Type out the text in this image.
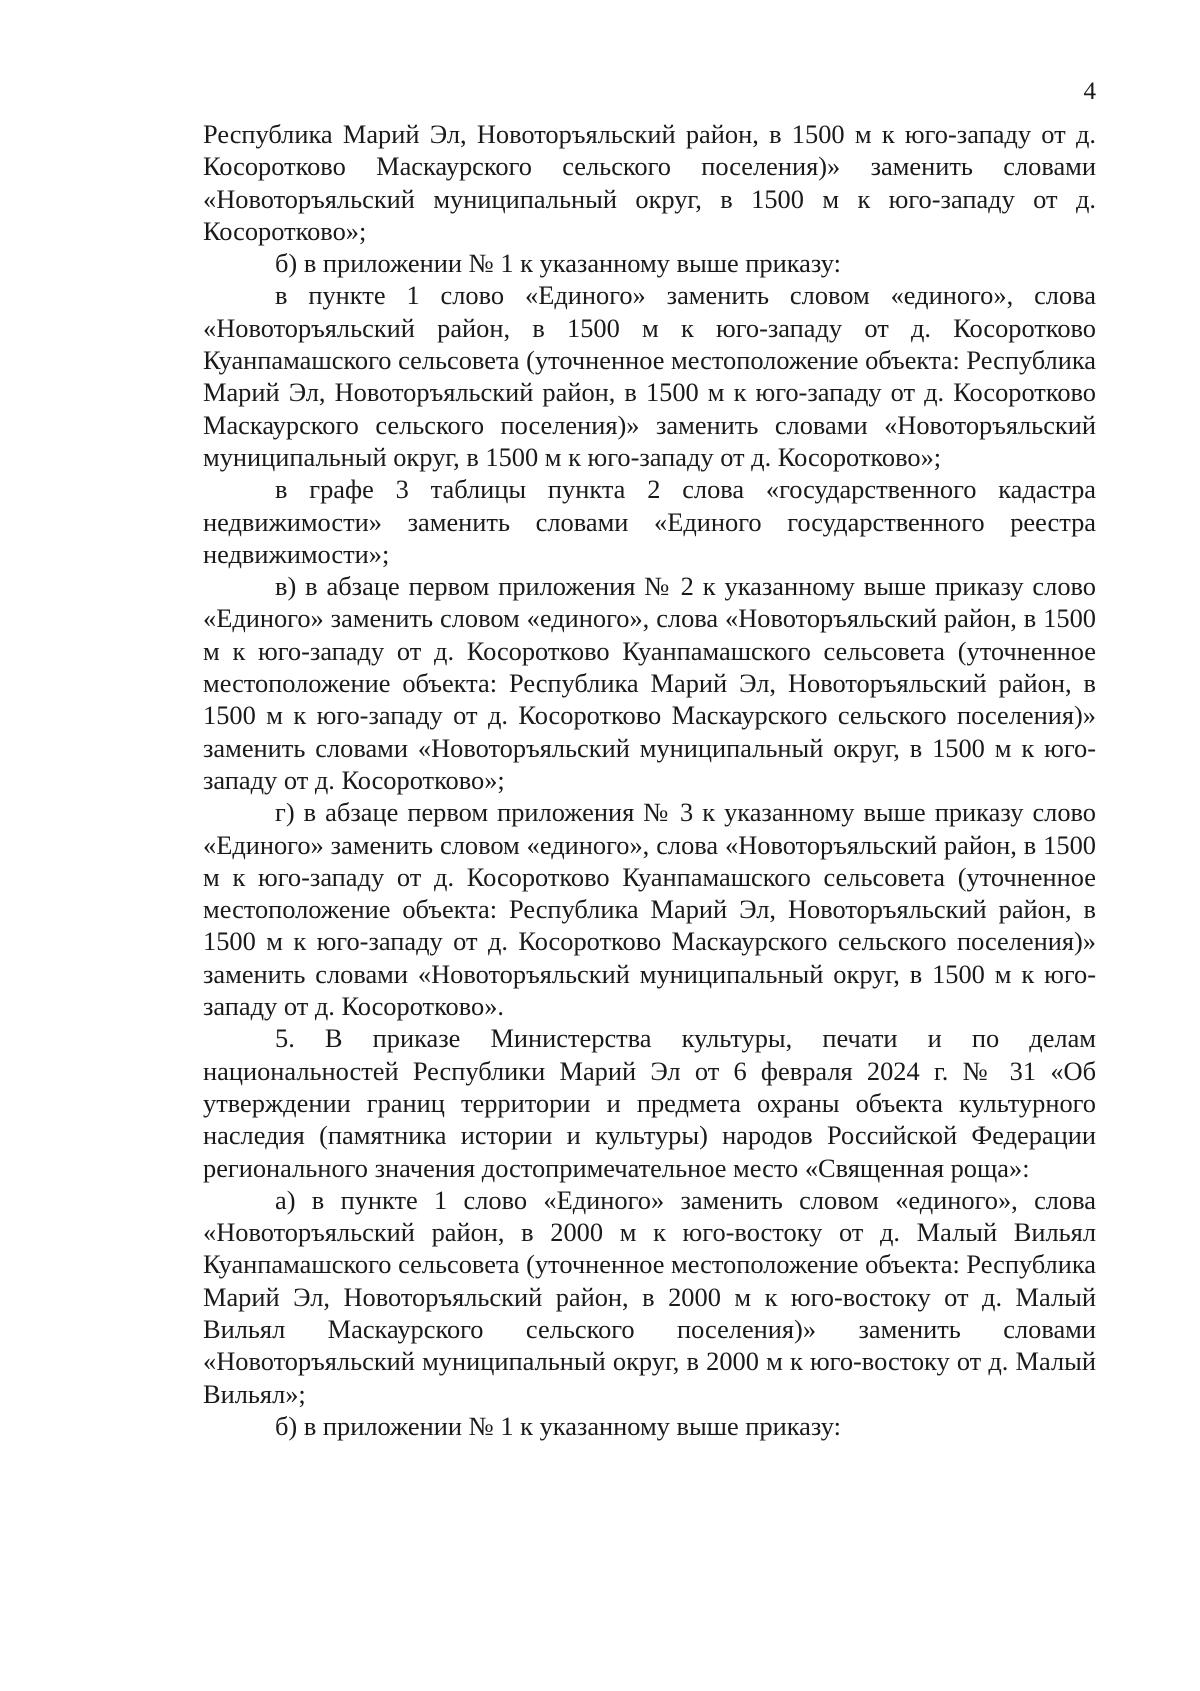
4

Республика Марий Эл, Новоторъяльский район, в 1500 м к юго-западу от д. Косоротково Маскаурского сельского поселения)» заменить словами «Новоторъяльский муниципальный округ, в 1500 м к юго-западу от д. Косоротково»;

б) в приложении № 1 к указанному выше приказу:

в пункте 1 слово «Единого» заменить словом «единого», слова «Новоторъяльский район, в 1500 м к юго-западу от д. Косоротково Куанпамашского сельсовета (уточненное местоположение объекта: Республика Марий Эл, Новоторъяльский район, в 1500 м к юго-западу от д. Косоротково Маскаурского сельского поселения)» заменить словами «Новоторъяльский муниципальный округ, в 1500 м к юго-западу от д. Косоротково»;

в графе 3 таблицы пункта 2 слова «государственного кадастра недвижимости» заменить словами «Единого государственного реестра недвижимости»;

в) в абзаце первом приложения № 2 к указанному выше приказу слово «Единого» заменить словом «единого», слова «Новоторъяльский район, в 1500 м к юго-западу от д. Косоротково Куанпамашского сельсовета (уточненное местоположение объекта: Республика Марий Эл, Новоторъяльский район, в 1500 м к юго-западу от д. Косоротково Маскаурского сельского поселения)» заменить словами «Новоторъяльский муниципальный округ, в 1500 м к юго-западу от д. Косоротково»;

г) в абзаце первом приложения № 3 к указанному выше приказу слово «Единого» заменить словом «единого», слова «Новоторъяльский район, в 1500 м к юго-западу от д. Косоротково Куанпамашского сельсовета (уточненное местоположение объекта: Республика Марий Эл, Новоторъяльский район, в 1500 м к юго-западу от д. Косоротково Маскаурского сельского поселения)» заменить словами «Новоторъяльский муниципальный округ, в 1500 м к юго-западу от д. Косоротково».

5. В приказе Министерства культуры, печати и по делам национальностей Республики Марий Эл от 6 февраля 2024 г. № 31 «Об утверждении границ территории и предмета охраны объекта культурного наследия (памятника истории и культуры) народов Российской Федерации регионального значения достопримечательное место «Священная роща»:

а) в пункте 1 слово «Единого» заменить словом «единого», слова «Новоторъяльский район, в 2000 м к юго-востоку от д. Малый Вильял Куанпамашского сельсовета (уточненное местоположение объекта: Республика Марий Эл, Новоторъяльский район, в 2000 м к юго-востоку от д. Малый Вильял Маскаурского сельского поселения)» заменить словами «Новоторъяльский муниципальный округ, в 2000 м к юго-востоку от д. Малый Вильял»;

б) в приложении № 1 к указанному выше приказу:
